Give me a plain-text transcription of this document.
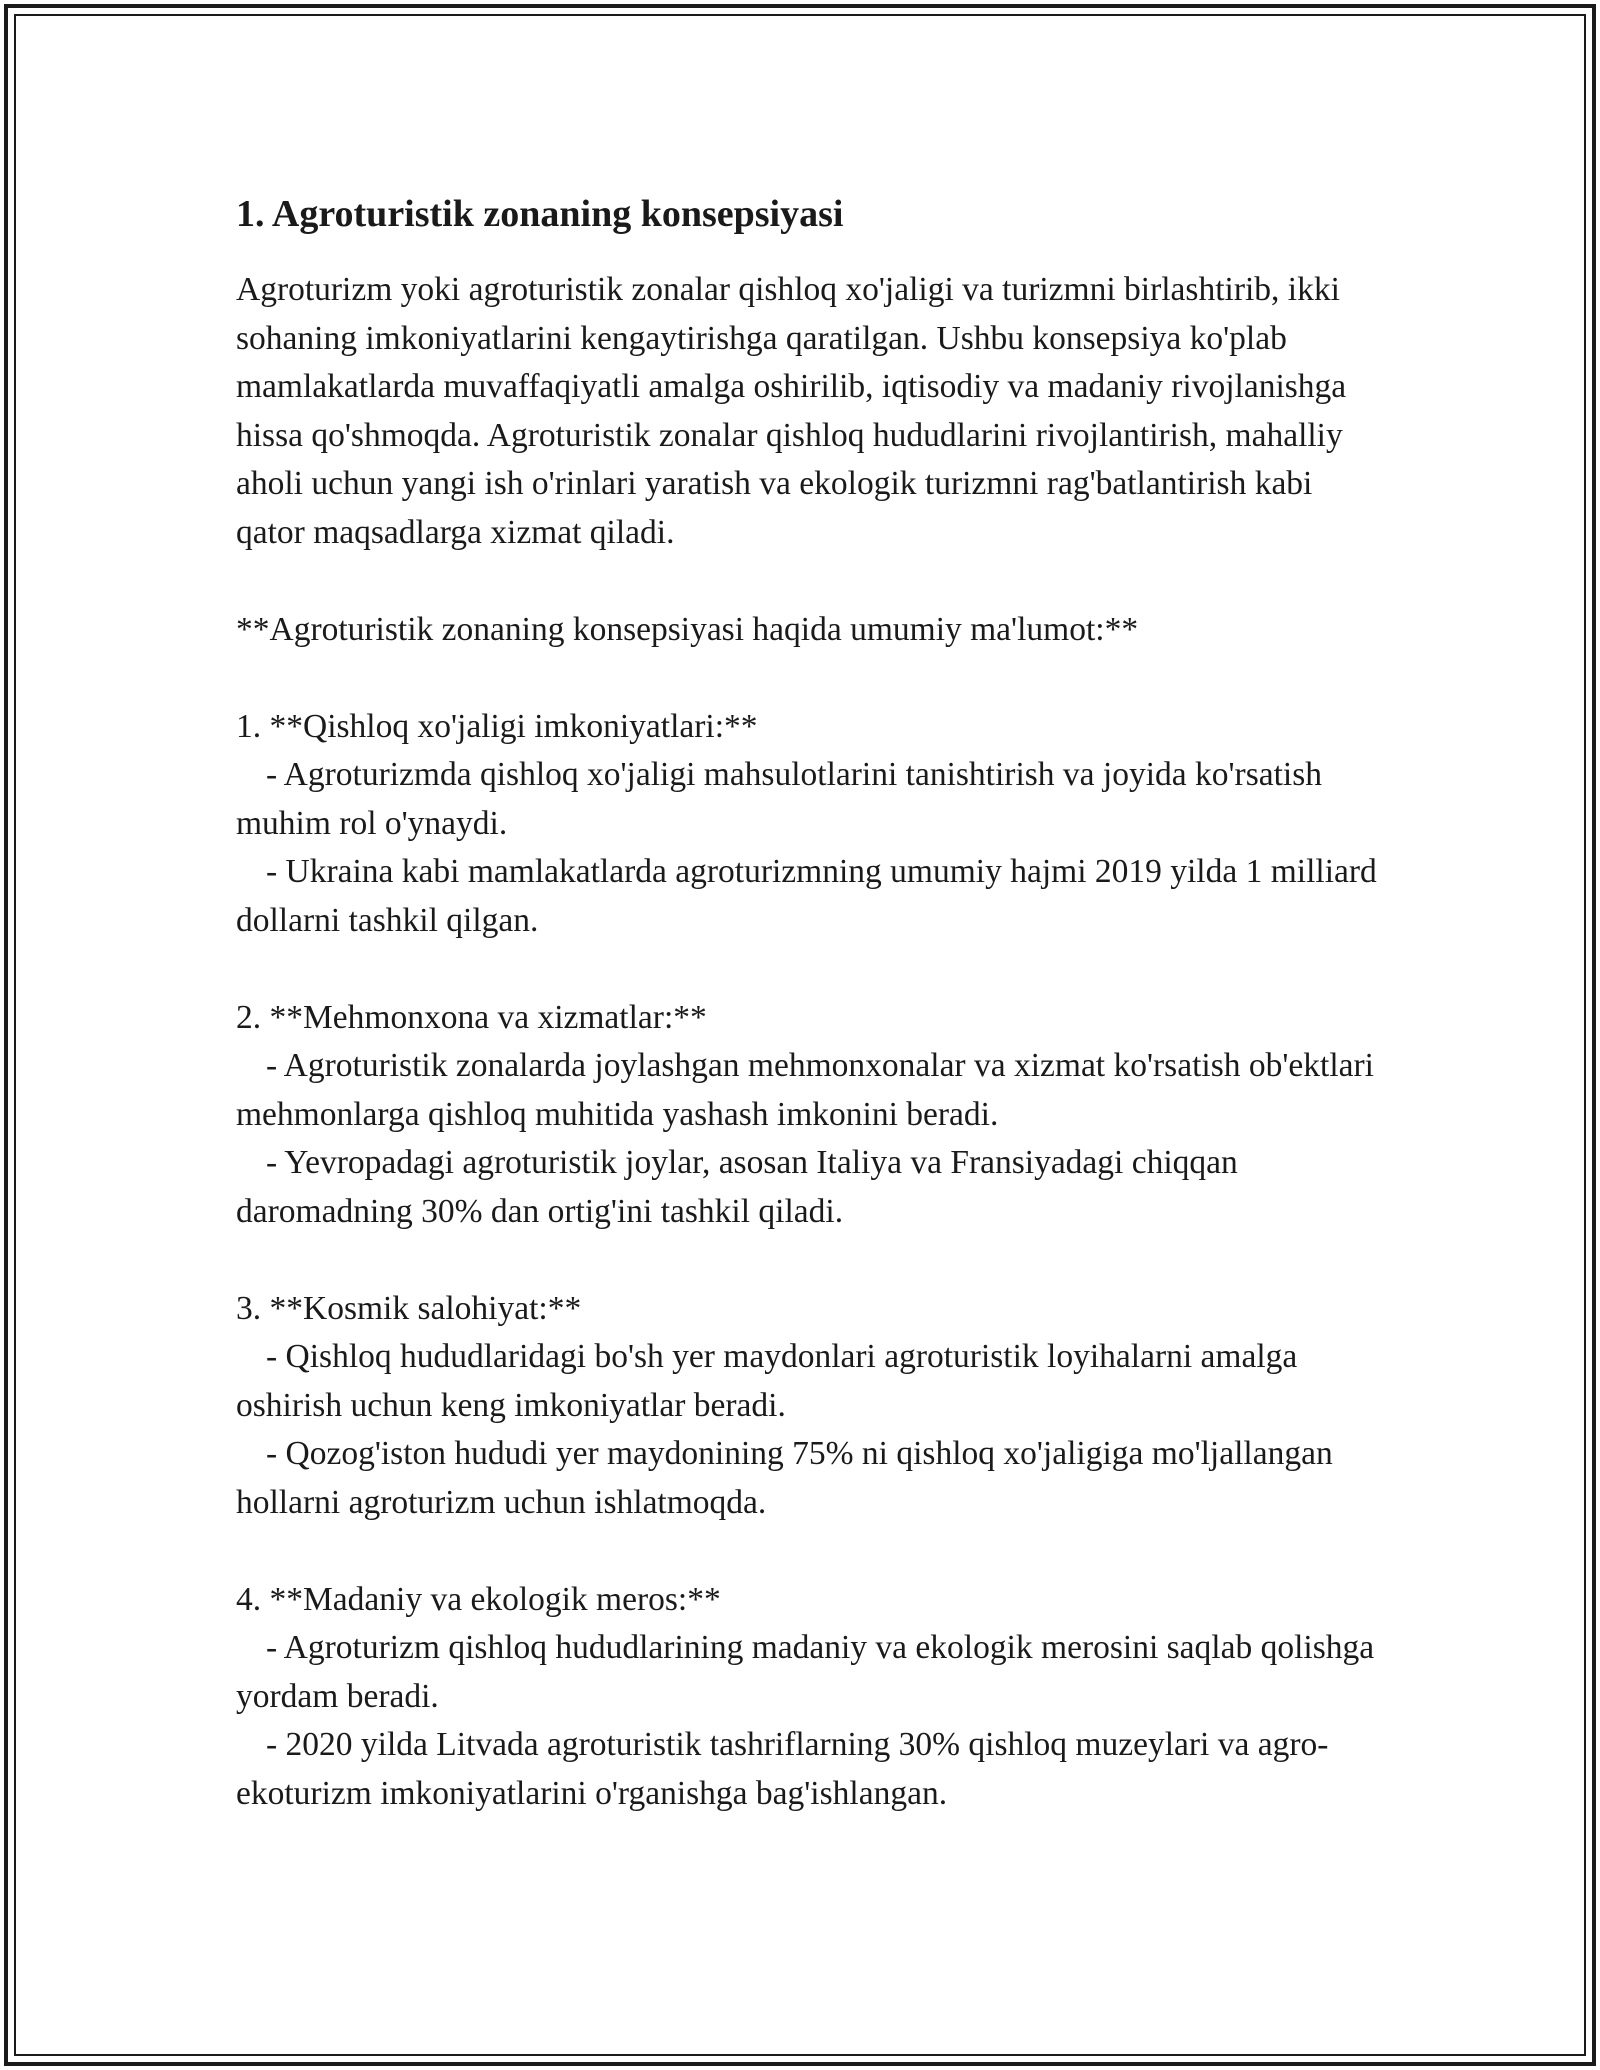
1. Agroturistik zonaning konsepsiyasi

Agroturizm yoki agroturistik zonalar qishloq xo'jaligi va turizmni birlashtirib, ikki sohaning imkoniyatlarini kengaytirishga qaratilgan. Ushbu konsepsiya ko'plab mamlakatlarda muvaffaqiyatli amalga oshirilib, iqtisodiy va madaniy rivojlanishga hissa qo'shmoqda. Agroturistik zonalar qishloq hududlarini rivojlantirish, mahalliy aholi uchun yangi ish o'rinlari yaratish va ekologik turizmni rag'batlantirish kabi qator maqsadlarga xizmat qiladi.

**Agroturistik zonaning konsepsiyasi haqida umumiy ma'lumot:**

1. **Qishloq xo'jaligi imkoniyatlari:**

- Agroturizmda qishloq xo'jaligi mahsulotlarini tanishtirish va joyida ko'rsatish muhim rol o'ynaydi.

- Ukraina kabi mamlakatlarda agroturizmning umumiy hajmi 2019 yilda 1 milliard dollarni tashkil qilgan.

2. **Mehmonxona va xizmatlar:**

- Agroturistik zonalarda joylashgan mehmonxonalar va xizmat ko'rsatish ob'ektlari mehmonlarga qishloq muhitida yashash imkonini beradi.

- Yevropadagi agroturistik joylar, asosan Italiya va Fransiyadagi chiqqan daromadning 30% dan ortig'ini tashkil qiladi.

3. **Kosmik salohiyat:**

- Qishloq hududlaridagi bo'sh yer maydonlari agroturistik loyihalarni amalga oshirish uchun keng imkoniyatlar beradi.

- Qozog'iston hududi yer maydonining 75% ni qishloq xo'jaligiga mo'ljallangan hollarni agroturizm uchun ishlatmoqda.

4. **Madaniy va ekologik meros:**

- Agroturizm qishloq hududlarining madaniy va ekologik merosini saqlab qolishga yordam beradi.

- 2020 yilda Litvada agroturistik tashriflarning 30% qishloq muzeylari va agro-ekoturizm imkoniyatlarini o'rganishga bag'ishlangan.
